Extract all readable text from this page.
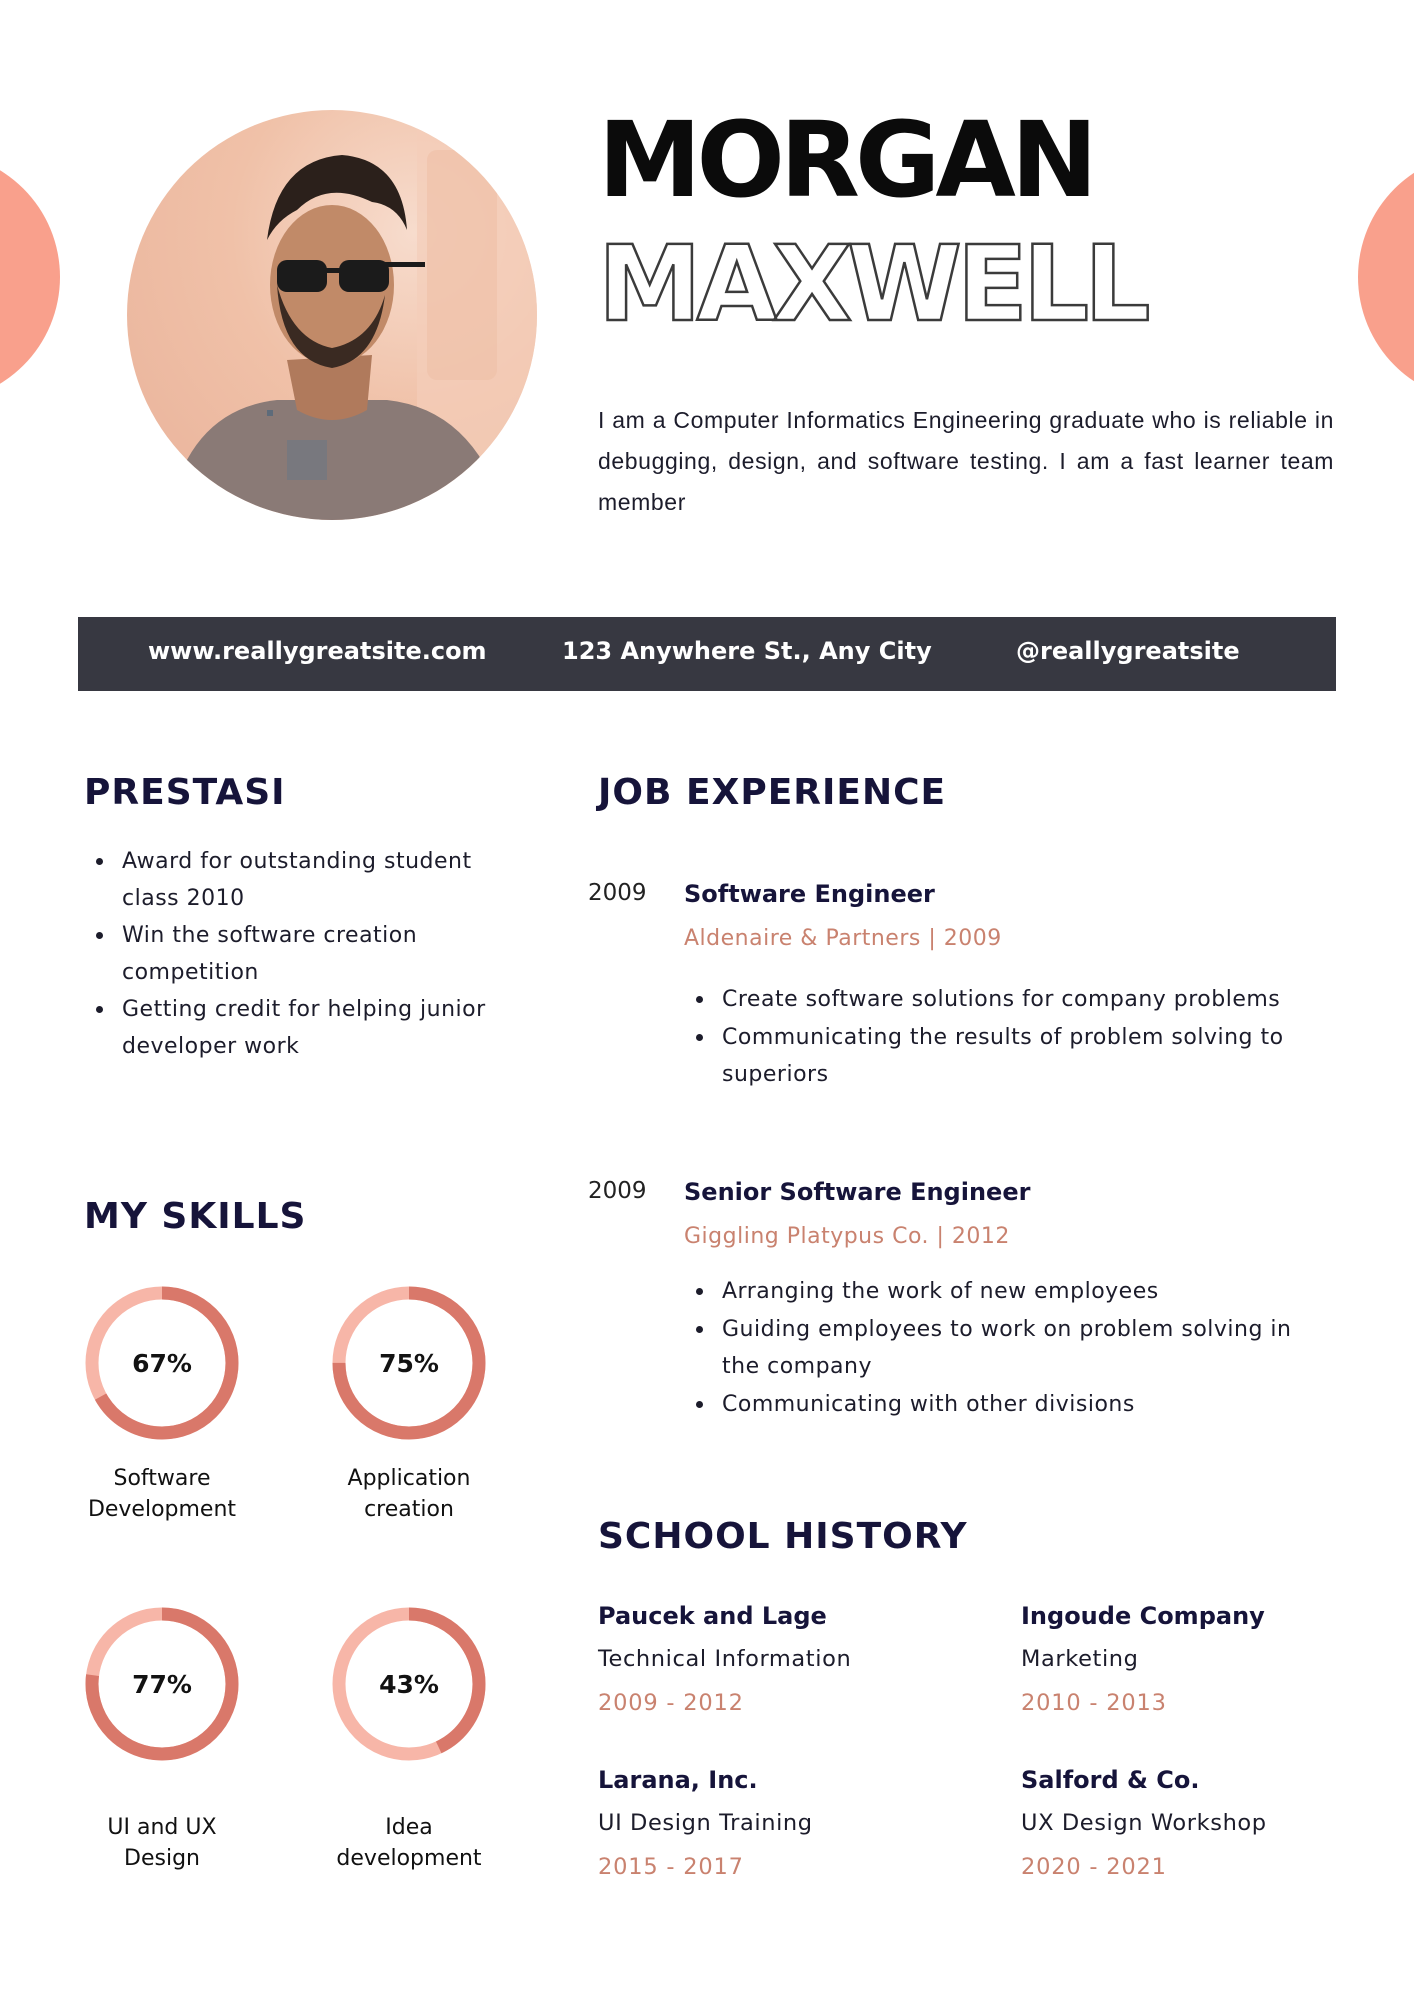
MORGAN
MAXWELL
I am a Computer Informatics Engineering graduate who is reliable in debugging, design, and software testing. I am a fast learner team member
www.reallygreatsite.com	123 Anywhere St., Any City	@reallygreatsite
PRESTASI
Award for outstanding student class 2010
Win the software creation competition
Getting credit for helping junior developer work
MY SKILLS
67%
Software
Development
75%
Application
creation
77%
UI and UX
Design
43%
Idea
development
JOB EXPERIENCE
2009 Software Engineer
Aldenaire & Partners | 2009
Create software solutions for company problems
Communicating the results of problem solving to superiors
2009 Senior Software Engineer
Giggling Platypus Co. | 2012
Arranging the work of new employees
Guiding employees to work on problem solving in the company
Communicating with other divisions
SCHOOL HISTORY
Paucek and Lage
Technical Information
2009 - 2012
Ingoude Company
Marketing
2010 - 2013
Larana, Inc.
UI Design Training
2015 - 2017
Salford & Co.
UX Design Workshop
2020 - 2021
